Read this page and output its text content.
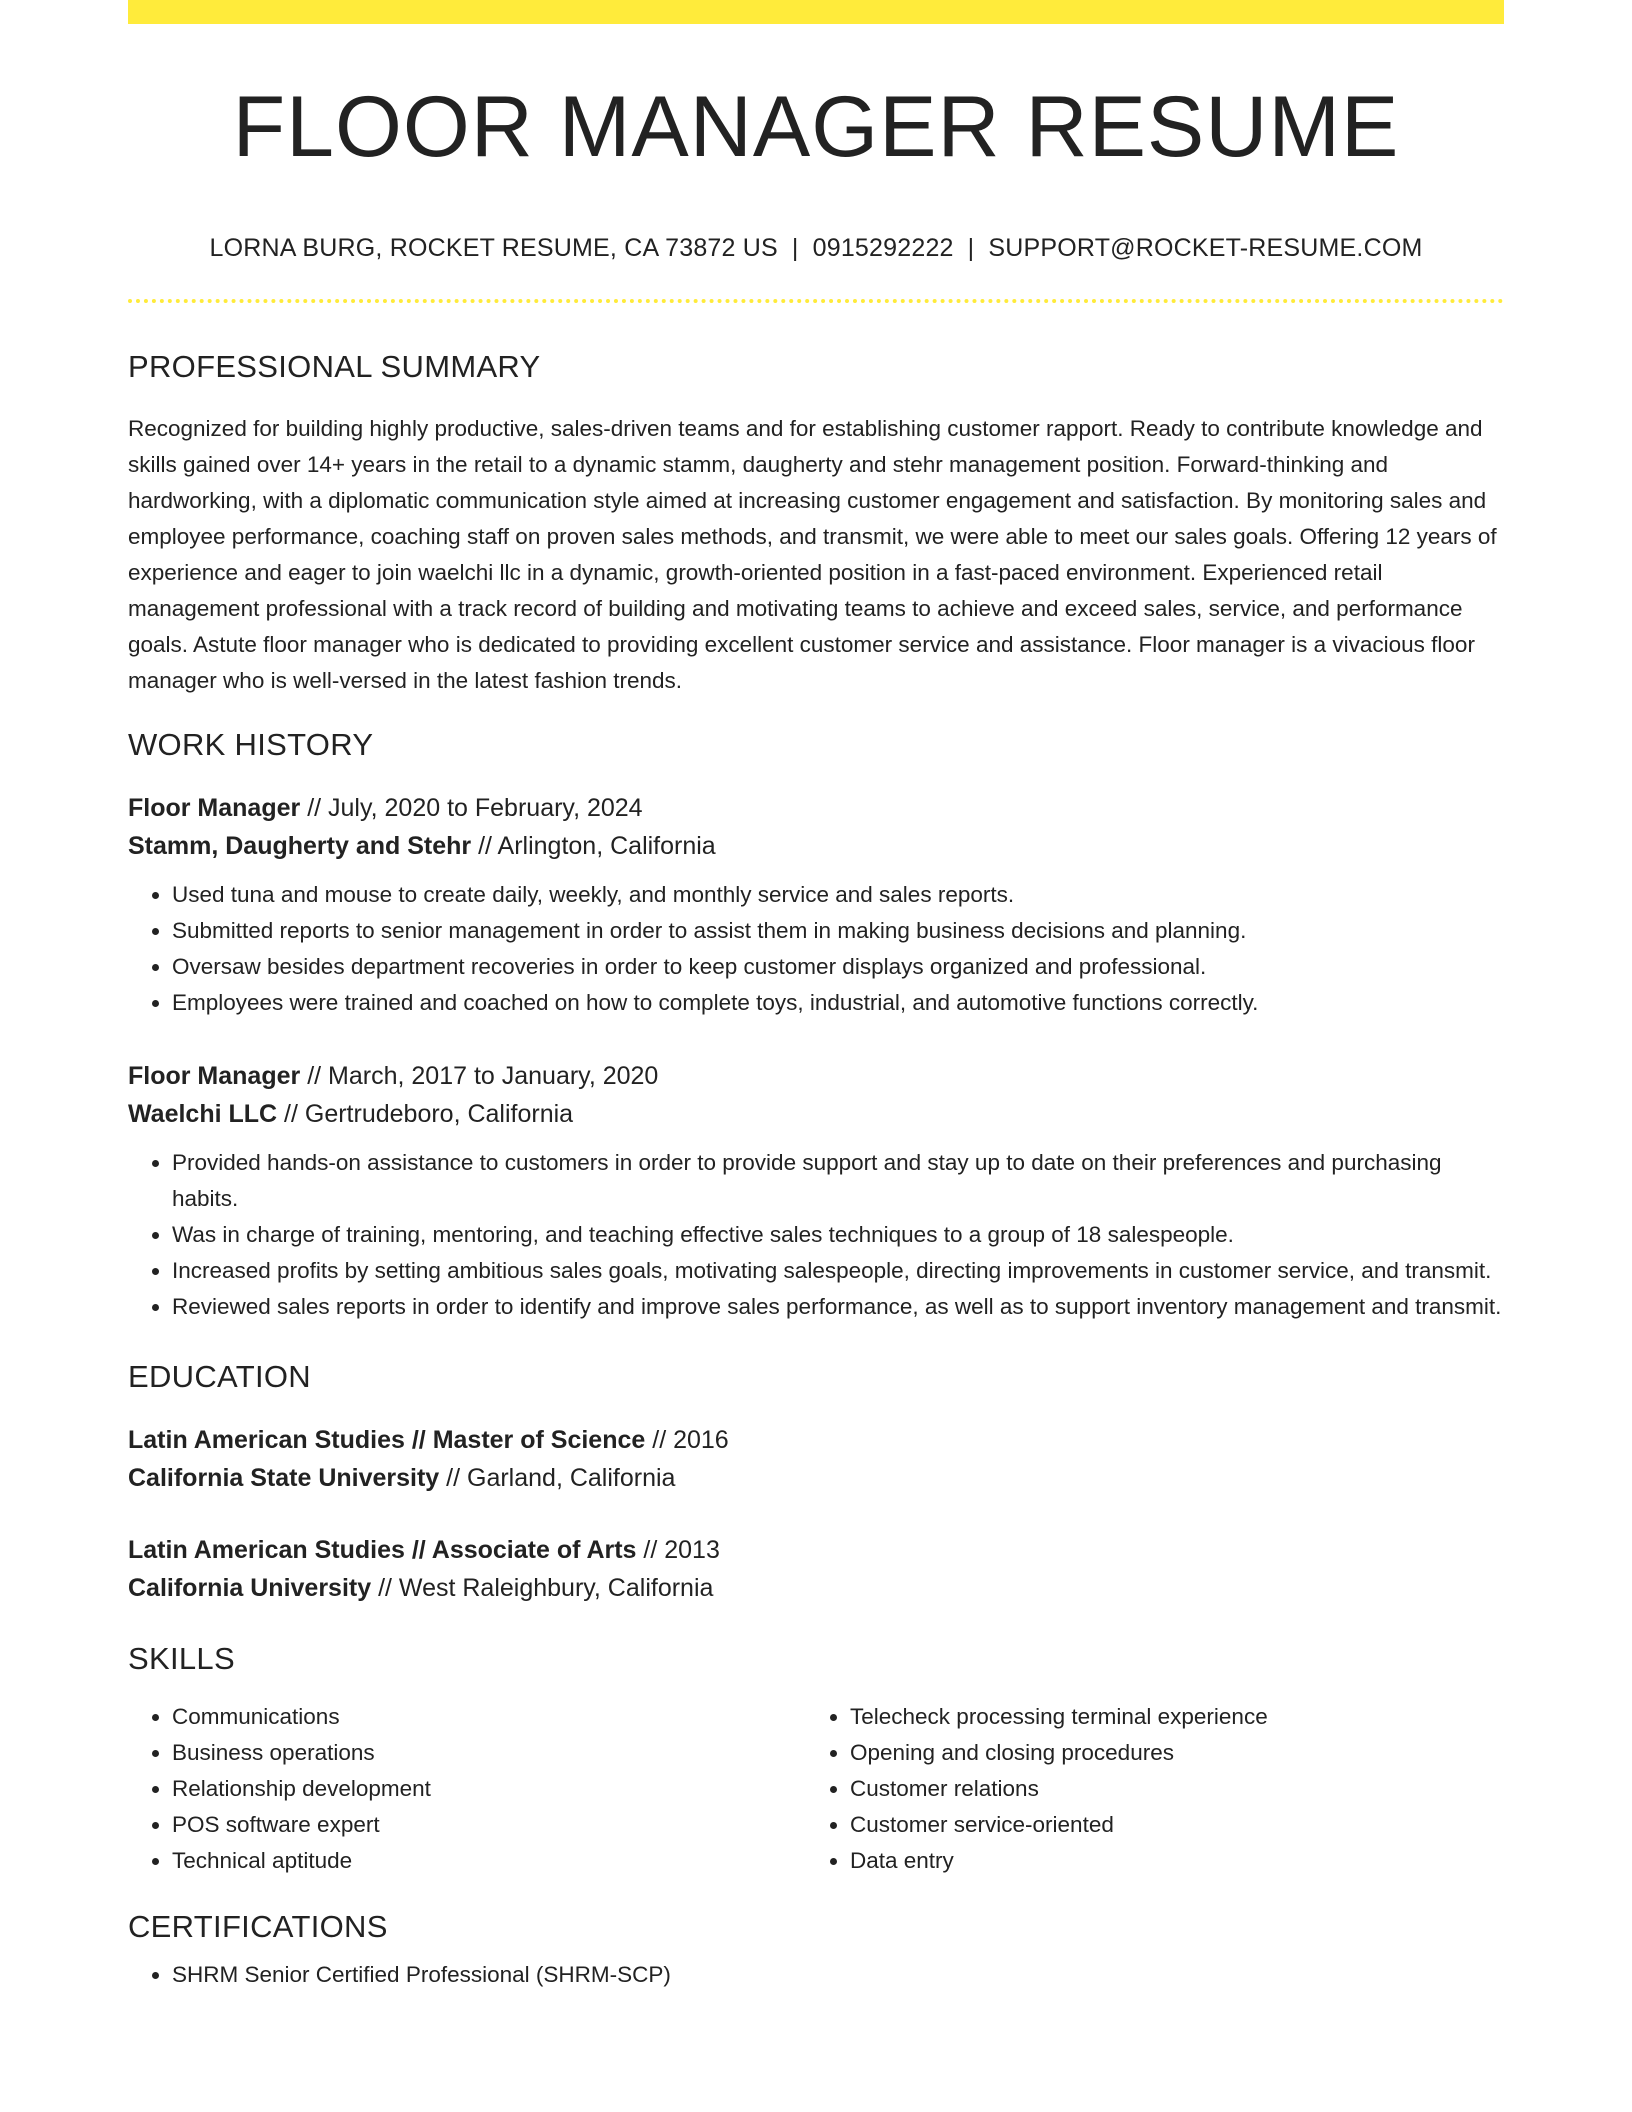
FLOOR MANAGER RESUME
LORNA BURG, ROCKET RESUME, CA 73872 US | 0915292222 | SUPPORT@ROCKET-RESUME.COM
PROFESSIONAL SUMMARY
Recognized for building highly productive, sales-driven teams and for establishing customer rapport. Ready to contribute knowledge and skills gained over 14+ years in the retail to a dynamic stamm, daugherty and stehr management position. Forward-thinking and hardworking, with a diplomatic communication style aimed at increasing customer engagement and satisfaction. By monitoring sales and employee performance, coaching staff on proven sales methods, and transmit, we were able to meet our sales goals. Offering 12 years of experience and eager to join waelchi llc in a dynamic, growth-oriented position in a fast-paced environment. Experienced retail management professional with a track record of building and motivating teams to achieve and exceed sales, service, and performance goals. Astute floor manager who is dedicated to providing excellent customer service and assistance. Floor manager is a vivacious floor manager who is well-versed in the latest fashion trends.
WORK HISTORY
Floor Manager // July, 2020 to February, 2024
Stamm, Daugherty and Stehr // Arlington, California
• Used tuna and mouse to create daily, weekly, and monthly service and sales reports.
• Submitted reports to senior management in order to assist them in making business decisions and planning.
• Oversaw besides department recoveries in order to keep customer displays organized and professional.
• Employees were trained and coached on how to complete toys, industrial, and automotive functions correctly.
Floor Manager // March, 2017 to January, 2020
Waelchi LLC // Gertrudeboro, California
• Provided hands-on assistance to customers in order to provide support and stay up to date on their preferences and purchasing habits.
• Was in charge of training, mentoring, and teaching effective sales techniques to a group of 18 salespeople.
• Increased profits by setting ambitious sales goals, motivating salespeople, directing improvements in customer service, and transmit.
• Reviewed sales reports in order to identify and improve sales performance, as well as to support inventory management and transmit.
EDUCATION
Latin American Studies // Master of Science // 2016
California State University // Garland, California
Latin American Studies // Associate of Arts // 2013
California University // West Raleighbury, California
SKILLS
• Communications
• Business operations
• Relationship development
• POS software expert
• Technical aptitude
• Telecheck processing terminal experience
• Opening and closing procedures
• Customer relations
• Customer service-oriented
• Data entry
CERTIFICATIONS
• SHRM Senior Certified Professional (SHRM-SCP)
